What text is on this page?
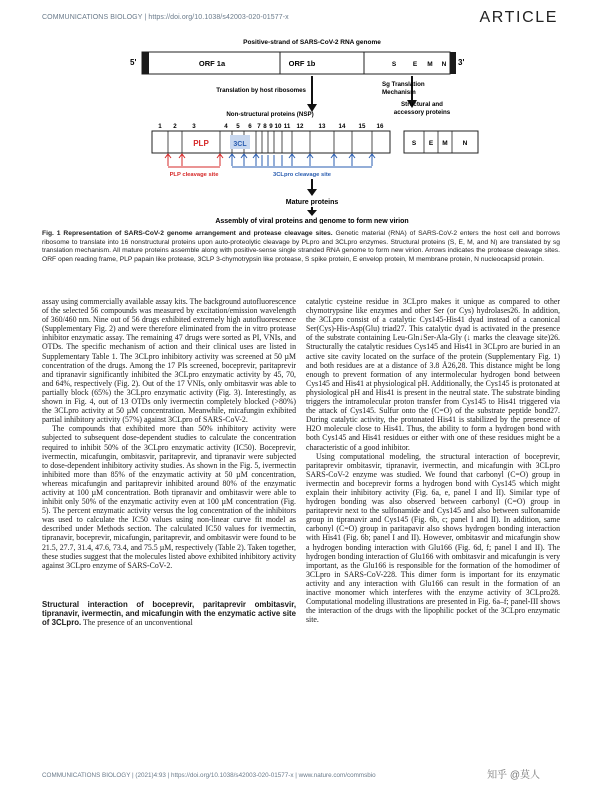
COMMUNICATIONS BIOLOGY | https://doi.org/10.1038/s42003-020-01577-x	ARTICLE
Positive-strand of SARS-CoV-2 RNA genome
5'	ORF 1a	ORF 1b	S	E M N 3'
Translation by host ribosomes
Sg Translation
Mechanism
Non-structural proteins (NSP)
Structural and
accessory proteins
1 2	3	4 5 6 7 8 9 10 11 12 13 14 15 16
PLP	3CL	S E M N
PLP cleavage site	3CLpro cleavage site
Mature proteins
Assembly of viral proteins and genome to form new virion
Fig. 1 Representation of SARS-CoV-2 genome arrangement and protease cleavage sites. Genetic material (RNA) of SARS-CoV-2 enters the host cell and borrows ribosome to translate into 16 nonstructural proteins upon auto-proteolytic cleavage by PLpro and 3CLpro enzymes. Structural proteins (S, E, M, and N) are translated by sg translation mechanism. All mature proteins assemble along with positive-sense single stranded RNA genome to form new virion. Arrows indicates the protease cleavage sites. ORF open reading frame, PLP papain like protease, 3CLP 3-chymotrypsin like protease, S spike protein, E envelop protein, M membrane protein, N nucleocapsid protein.

assay using commercially available assay kits. The background autofluorescence of the selected 56 compounds was measured by excitation/emission wavelength of 360/460 nm. Nine out of 56 drugs exhibited extremely high autofluorescence (Supplementary Fig. 2) and were therefore eliminated from the in vitro protease inhibitor enzymatic assay. The remaining 47 drugs were sorted as PI, VNIs, and OTDs. The specific mechanism of action and their clinical uses are listed in Supplementary Table 1. The 3CLpro inhibitory activity was screened at 50 µM concentration of the drugs. Among the 17 PIs screened, boceprevir, paritaprevir and tipranavir significantly inhibited the 3CLpro enzymatic activity by 45, 70, and 64%, respectively (Fig. 2). Out of the 17 VNIs, only ombitasvir was able to partially block (65%) the 3CLpro enzymatic activity (Fig. 3). Interestingly, as shown in Fig. 4, out of 13 OTDs only ivermectin completely blocked (>80%) the 3CLpro activity at 50 µM concentration. Meanwhile, micafungin exhibited partial inhibitory activity (57%) against 3CLpro of SARS-CoV-2.

The compounds that exhibited more than 50% inhibitory activity were subjected to subsequent dose-dependent studies to calculate the concentration required to inhibit 50% of the 3CLpro enzymatic activity (IC50). Boceprevir, ivermectin, micafungin, ombitasvir, paritaprevir, and tipranavir were subjected to dose-dependent inhibitory activity studies. As shown in the Fig. 5, ivermectin inhibited more than 85% of the enzymatic activity at 50 µM concentration, whereas micafungin and paritaprevir inhibited around 80% of the enzymatic activity at 100 µM concentration. Both tipranavir and ombitasvir were able to inhibit only 50% of the enzymatic activity even at 100 µM concentration (Fig. 5). The percent enzymatic activity versus the log concentration of the inhibitors was used to calculate the IC50 values using non-linear curve fit model as described under Methods section. The calculated IC50 values for ivermectin, tipranavir, boceprevir, micafungin, paritaprevir, and ombitasvir were found to be 21.5, 27.7, 31.4, 47.6, 73.4, and 75.5 µM, respectively (Table 2). Taken together, these studies suggest that the molecules listed above exhibited inhibitory activity against 3CLpro enzyme of SARS-CoV-2.

Structural interaction of boceprevir, paritaprevir ombitasvir, tipranavir, ivermectin, and micafungin with the enzymatic active site of 3CLpro. The presence of an unconventional

catalytic cysteine residue in 3CLpro makes it unique as compared to other chymotrypsine like enzymes and other Ser (or Cys) hydrolases26. In addition, the 3CLpro consist of a catalytic Cys145-His41 dyad instead of a canonical Ser(Cys)-His-Asp(Glu) triad27. This catalytic dyad is activated in the presence of the substrate containing Leu-Gln↓Ser-Ala-Gly (↓ marks the cleavage site)26. Structurally the catalytic residues Cys145 and His41 in 3CLpro are buried in an active site cavity located on the surface of the protein (Supplementary Fig. 1) and both residues are at a distance of 3.8 Å26,28. This distance might be long enough to prevent formation of any intermolecular hydrogen bond between Cys145 and His41 at physiological pH. Additionally, the Cys145 is protonated at physiological pH and His41 is present in the neutral state. The substrate binding triggers the intramolecular proton transfer from Cys145 to His41 triggered via the attack of Cys145. Sulfur onto the (C=O) of the substrate peptide bond27. During catalytic activity, the protonated His41 is stabilized by the presence of H2O molecule close to His41. Thus, the ability to form a hydrogen bond with both Cys145 and His41 residues or either with one of these residues might be a characteristic of a good inhibitor.

Using computational modeling, the structural interaction of boceprevir, paritaprevir ombitasvir, tipranavir, ivermectin, and micafungin with 3CLpro SARS-CoV-2 enzyme was studied. We found that carbonyl (C=O) group in ivermectin and boceprevir forms a hydrogen bond with Cys145 which might explain their inhibitory activity (Fig. 6a, e, panel I and II). Similar type of hydrogen bonding was also observed between carbonyl (C=O) group in paritaprevir next to the sulfonamide and Cys145 and also between sulfonamide group in tipranavir and Cys145 (Fig. 6b, c; panel I and II). In addition, same carbonyl (C=O) group in paritapavir also shows hydrogen bonding interaction with His41 (Fig. 6b; panel I and II). However, ombitasvir and micafungin show a hydrogen bonding interaction with Glu166 (Fig. 6d, f; panel I and II). The hydrogen bonding interaction of Glu166 with ombitasvir and micafungin is very important, as the Glu166 is responsible for the formation of the homodimer of 3CLpro in SARS-CoV-228. This dimer form is important for its enzymatic activity and any interaction with Glu166 can result in the formation of an inactive monomer which interferes with the enzyme activity of 3CLpro28. Computational modeling illustrations are presented in Fig. 6a–f; panel-III shows the interaction of the drugs with the lipophilic pocket of the 3CLpro enzymatic site.

COMMUNICATIONS BIOLOGY | (2021)4:93 | https://doi.org/10.1038/s42003-020-01577-x | www.nature.com/commsbio	知乎 @莫人
